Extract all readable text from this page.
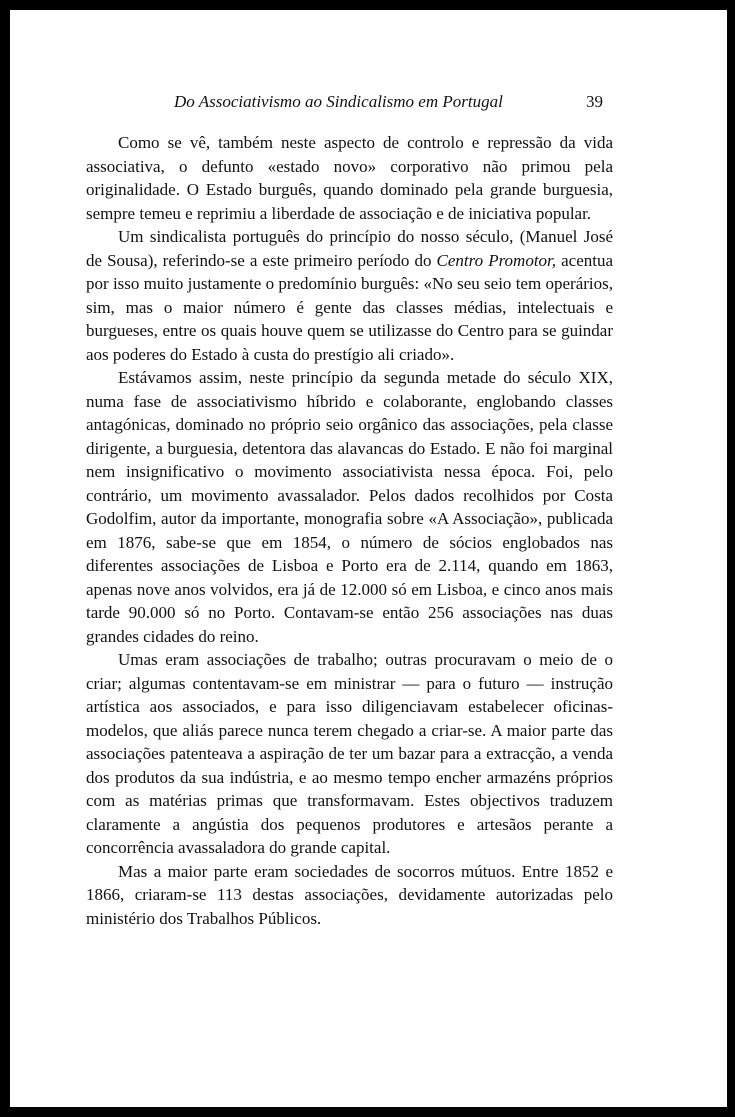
Do Associativismo ao Sindicalismo em Portugal	39

Como se vê, também neste aspecto de controlo e repressão da vida associativa, o defunto «estado novo» corporativo não primou pela originalidade. O Estado burguês, quando dominado pela grande burguesia, sempre temeu e reprimiu a liberdade de associação e de iniciativa popular.

Um sindicalista português do princípio do nosso século, (Manuel José de Sousa), referindo-se a este primeiro período do Centro Promotor, acentua por isso muito justamente o predomínio burguês: «No seu seio tem operários, sim, mas o maior número é gente das classes médias, intelectuais e burgueses, entre os quais houve quem se utilizasse do Centro para se guindar aos poderes do Estado à custa do prestígio ali criado».

Estávamos assim, neste princípio da segunda metade do século XIX, numa fase de associativismo híbrido e colaborante, englobando classes antagónicas, dominado no próprio seio orgânico das associações, pela classe dirigente, a burguesia, detentora das alavancas do Estado. E não foi marginal nem insignificativo o movimento associativista nessa época. Foi, pelo contrário, um movimento avassalador. Pelos dados recolhidos por Costa Godolfim, autor da importante, monografia sobre «A Associação», publicada em 1876, sabe-se que em 1854, o número de sócios englobados nas diferentes associações de Lisboa e Porto era de 2.114, quando em 1863, apenas nove anos volvidos, era já de 12.000 só em Lisboa, e cinco anos mais tarde 90.000 só no Porto. Contavam-se então 256 associações nas duas grandes cidades do reino.

Umas eram associações de trabalho; outras procuravam o meio de o criar; algumas contentavam-se em ministrar — para o futuro — instrução artística aos associados, e para isso diligenciavam estabelecer oficinas-modelos, que aliás parece nunca terem chegado a criar-se. A maior parte das associações patenteava a aspiração de ter um bazar para a extracção, a venda dos produtos da sua indústria, e ao mesmo tempo encher armazéns próprios com as matérias primas que transformavam. Estes objectivos traduzem claramente a angústia dos pequenos produtores e artesãos perante a concorrência avassaladora do grande capital.

Mas a maior parte eram sociedades de socorros mútuos. Entre 1852 e 1866, criaram-se 113 destas associações, devidamente autorizadas pelo ministério dos Trabalhos Públicos.
